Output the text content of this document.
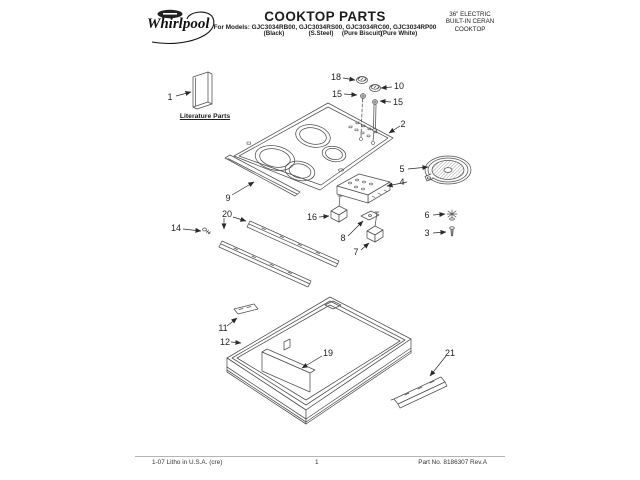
Whirlpool	COOKTOP PARTS
For Models: GJC3034RB00, GJC3034RS00, GJC3034RC00, GJC3034RP00
(Black)	(S.Steel) (Pure Biscuit)
(Pure White)
36" ELECTRIC
BUILT-IN CERAN
COOKTOP
Literature Parts
1
18
10
15
15
2
9
5
4
6
3
16
8
7
20
14
11
12
19	21
1-07 Litho in U.S.A. (cre)	1	Part No. 8186307 Rev.A
